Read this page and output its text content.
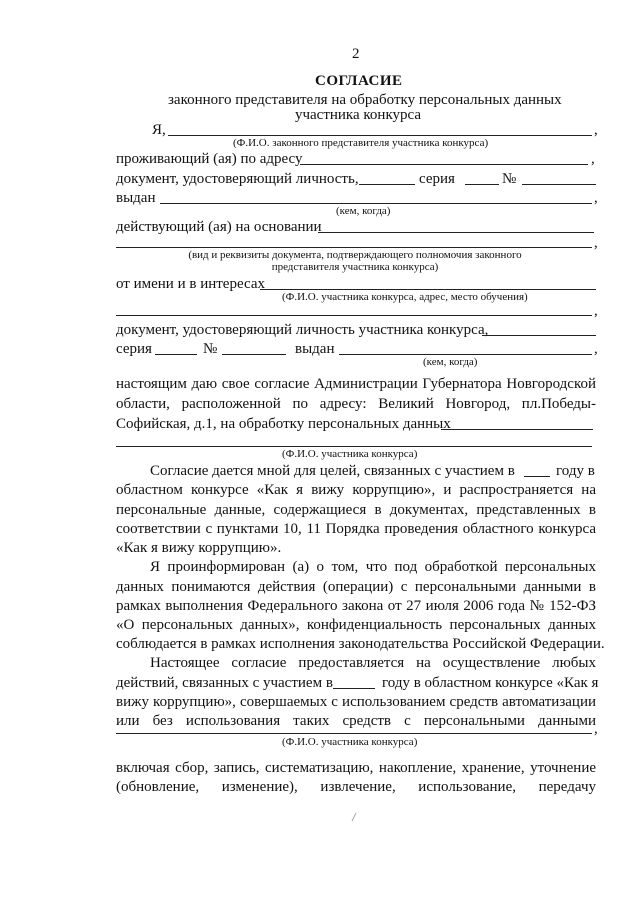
2
СОГЛАСИЕ
законного представителя на обработку персональных данных
участника конкурса
Я,	,
(Ф.И.О. законного представителя участника конкурса)
проживающий (ая) по адресу	,
документ, удостоверяющий личность,	серия	№
выдан	,
(кем, когда)
действующий (ая) на основании
,
(вид и реквизиты документа, подтверждающего полномочия законного
представителя участника конкурса)
от имени и в интересах
(Ф.И.О. участника конкурса, адрес, место обучения)
,
документ, удостоверяющий личность участника конкурса,
серия	№	выдан	,
(кем, когда)
настоящим даю свое согласие Администрации Губернатора Новгородской
области, расположенной по адресу: Великий Новгород, пл.Победы-
Софийская, д.1, на обработку персональных данных
(Ф.И.О. участника конкурса)
Согласие дается мной для целей, связанных с участием в	году в
областном конкурсе «Как я вижу коррупцию», и распространяется на
персональные данные, содержащиеся в документах, представленных в
соответствии с пунктами 10, 11 Порядка проведения областного конкурса
«Как я вижу коррупцию».
Я проинформирован (а) о том, что под обработкой персональных
данных понимаются действия (операции) с персональными данными в
рамках выполнения Федерального закона от 27 июля 2006 года № 152-ФЗ
«О персональных данных», конфиденциальность персональных данных
соблюдается в рамках исполнения законодательства Российской Федерации.
Настоящее согласие предоставляется на осуществление любых
действий, связанных с участием в	году в областном конкурсе «Как я
вижу коррупцию», совершаемых с использованием средств автоматизации
или без использования таких средств с персональными данными
,
(Ф.И.О. участника конкурса)
включая сбор, запись, систематизацию, накопление, хранение, уточнение
(обновление, изменение), извлечение, использование, передачу
